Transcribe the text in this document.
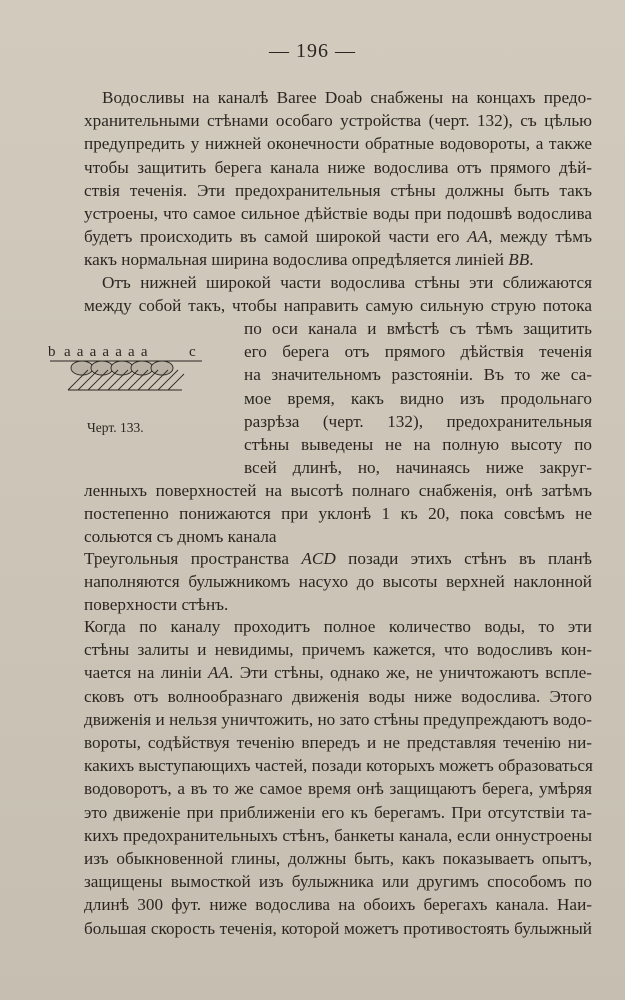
— 196 —
Водосливы на каналѣ Baree Doab снабжены на концахъ предо-
хранительными стѣнами особаго устройства (черт. 132), съ цѣлью
предупредить у нижней оконечности обратные водовороты, а также
чтобы защитить берега канала ниже водослива отъ прямого дѣй-
ствія теченія. Эти предохранительныя стѣны должны быть такъ
устроены, что самое сильное дѣйствіе воды при подошвѣ водослива
будетъ происходить въ самой широкой части его AA, между тѣмъ
какъ нормальная ширина водослива опредѣляется линіей BB.
Отъ нижней широкой части водослива стѣны эти сближаются
между собой такъ, чтобы направить самую сильную струю потока
по оси канала и вмѣстѣ съ тѣмъ защитить
его берега отъ прямого дѣйствія теченія
на значительномъ разстояніи. Въ то же са-
мое время, какъ видно изъ продольнаго
разрѣза (черт. 132), предохранительныя
стѣны выведены не на полную высоту по
всей длинѣ, но, начинаясь ниже закруг-
ленныхъ поверхностей на высотѣ полнаго снабженія, онѣ затѣмъ
постепенно понижаются при уклонѣ 1 къ 20, пока совсѣмъ не
сольются съ дномъ канала
Треугольныя пространства ACD позади этихъ стѣнъ въ планѣ
наполняются булыжникомъ насухо до высоты верхней наклонной
поверхности стѣнъ.
Когда по каналу проходитъ полное количество воды, то эти
стѣны залиты и невидимы, причемъ кажется, что водосливъ кон-
чается на линіи AA. Эти стѣны, однако же, не уничтожаютъ вспле-
сковъ отъ волнообразнаго движенія воды ниже водослива. Этого
движенія и нельзя уничтожить, но зато стѣны предупреждаютъ водо-
вороты, содѣйствуя теченію впередъ и не представляя теченію ни-
какихъ выступающихъ частей, позади которыхъ можетъ образоваться
водоворотъ, а въ то же самое время онѣ защищаютъ берега, умѣряя
это движеніе при приближеніи его къ берегамъ. При отсутствіи та-
кихъ предохранительныхъ стѣнъ, банкеты канала, если оннустроены
изъ обыкновенной глины, должны быть, какъ показываетъ опытъ,
защищены вымосткой изъ булыжника или другимъ способомъ по
длинѣ 300 фут. ниже водослива на обоихъ берегахъ канала. Наи-
большая скорость теченія, которой можетъ противостоять булыжный
b a a a a a a a	c
Черт. 133.
